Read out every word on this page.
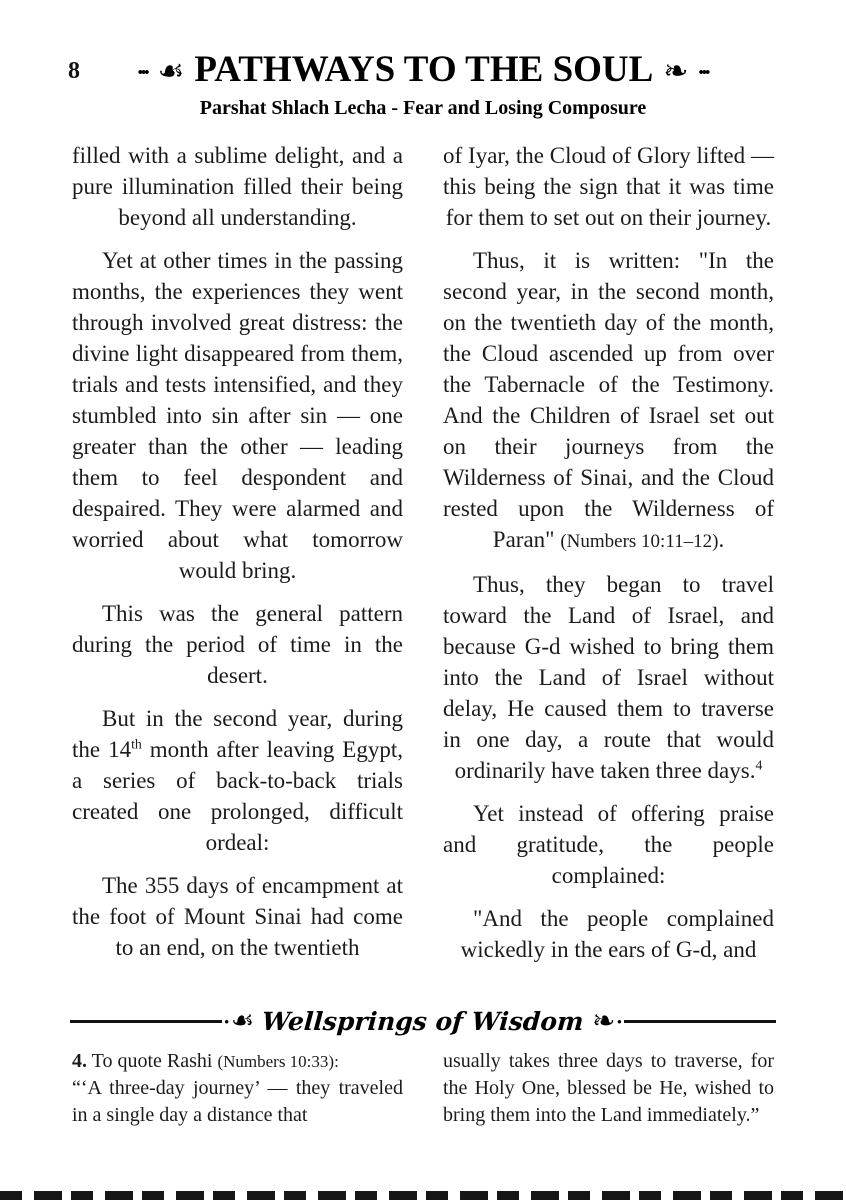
8	••• ☙ PATHWAYS TO THE SOUL ❧ •••
Parshat Shlach Lecha - Fear and Losing Composure

filled with a sublime delight, and a pure illumination filled their being beyond all understanding.

Yet at other times in the passing months, the experiences they went through involved great distress: the divine light disappeared from them, trials and tests intensified, and they stumbled into sin after sin — one greater than the other — leading them to feel despondent and despaired. They were alarmed and worried about what tomorrow would bring.

This was the general pattern during the period of time in the desert.

But in the second year, during the 14th month after leaving Egypt, a series of back-to-back trials created one prolonged, difficult ordeal:

The 355 days of encampment at the foot of Mount Sinai had come to an end, on the twentieth

of Iyar, the Cloud of Glory lifted — this being the sign that it was time for them to set out on their journey.

Thus, it is written: "In the second year, in the second month, on the twentieth day of the month, the Cloud ascended up from over the Tabernacle of the Testimony. And the Children of Israel set out on their journeys from the Wilderness of Sinai, and the Cloud rested upon the Wilderness of Paran" (Numbers 10:11–12).

Thus, they began to travel toward the Land of Israel, and because G-d wished to bring them into the Land of Israel without delay, He caused them to traverse in one day, a route that would ordinarily have taken three days.$^4$

Yet instead of offering praise and gratitude, the people complained:

"And the people complained wickedly in the ears of G-d, and

• ☙ Wellsprings of Wisdom ☙ •
4. To quote Rashi (Numbers 10:33):
“‘A three-day journey’ — they traveled in a single day a distance that
usually takes three days to traverse, for the Holy One, blessed be He, wished to bring them into the Land immediately.”
